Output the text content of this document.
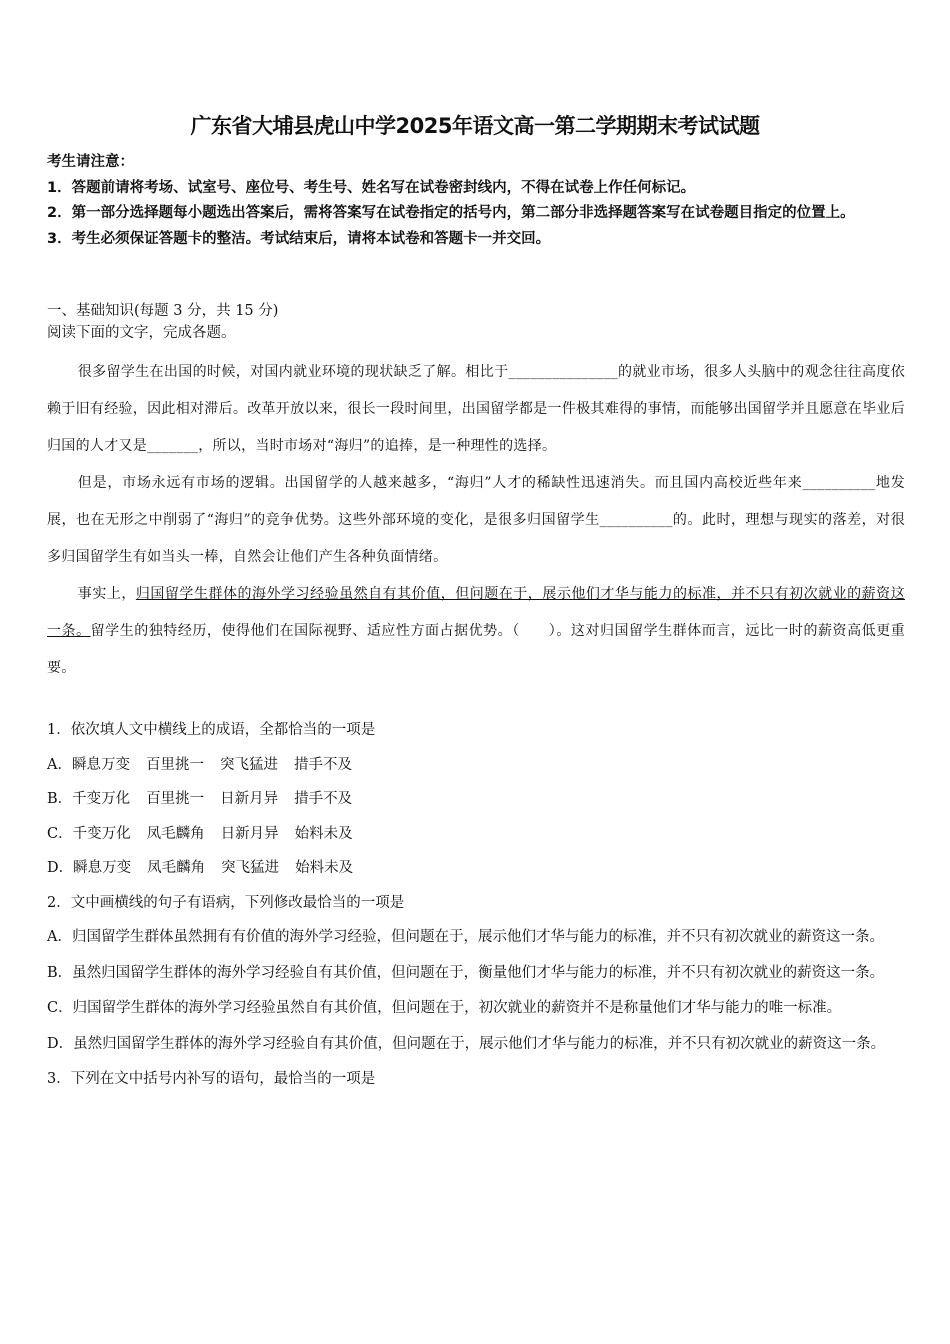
广东省大埔县虎山中学2025年语文高一第二学期期末考试试题
考生请注意：
1．答题前请将考场、试室号、座位号、考生号、姓名写在试卷密封线内，不得在试卷上作任何标记。
2．第一部分选择题每小题选出答案后，需将答案写在试卷指定的括号内，第二部分非选择题答案写在试卷题目指定的位置上。
3．考生必须保证答题卡的整洁。考试结束后，请将本试卷和答题卡一并交回。
一、基础知识(每题 3 分，共 15 分)
阅读下面的文字，完成各题。

很多留学生在出国的时候，对国内就业环境的现状缺乏了解。相比于_______________的就业市场，很多人头脑中的观念往往高度依赖于旧有经验，因此相对滞后。改革开放以来，很长一段时间里，出国留学都是一件极其难得的事情，而能够出国留学并且愿意在毕业后归国的人才又是_______，所以，当时市场对“海归”的追捧，是一种理性的选择。

但是，市场永远有市场的逻辑。出国留学的人越来越多，“海归”人才的稀缺性迅速消失。而且国内高校近些年来__________地发展，也在无形之中削弱了“海归”的竞争优势。这些外部环境的变化，是很多归国留学生__________的。此时，理想与现实的落差，对很多归国留学生有如当头一棒，自然会让他们产生各种负面情绪。

事实上，归国留学生群体的海外学习经验虽然自有其价值，但问题在于，展示他们才华与能力的标准，并不只有初次就业的薪资这一条。留学生的独特经历，使得他们在国际视野、适应性方面占据优势。（　　）。这对归国留学生群体而言，远比一时的薪资高低更重要。

1．依次填人文中横线上的成语，全都恰当的一项是
A．瞬息万变 百里挑一 突飞猛进 措手不及
B．千变万化 百里挑一 日新月异 措手不及
C．千变万化 凤毛麟角 日新月异 始料未及
D．瞬息万变 凤毛麟角 突飞猛进 始料未及
2．文中画横线的句子有语病，下列修改最恰当的一项是
A．归国留学生群体虽然拥有有价值的海外学习经验，但问题在于，展示他们才华与能力的标准，并不只有初次就业的薪资这一条。
B．虽然归国留学生群体的海外学习经验自有其价值，但问题在于，衡量他们才华与能力的标准，并不只有初次就业的薪资这一条。
C．归国留学生群体的海外学习经验虽然自有其价值，但问题在于，初次就业的薪资并不是称量他们才华与能力的唯一标准。
D．虽然归国留学生群体的海外学习经验自有其价值，但问题在于，展示他们才华与能力的标准，并不只有初次就业的薪资这一条。
3．下列在文中括号内补写的语句，最恰当的一项是
